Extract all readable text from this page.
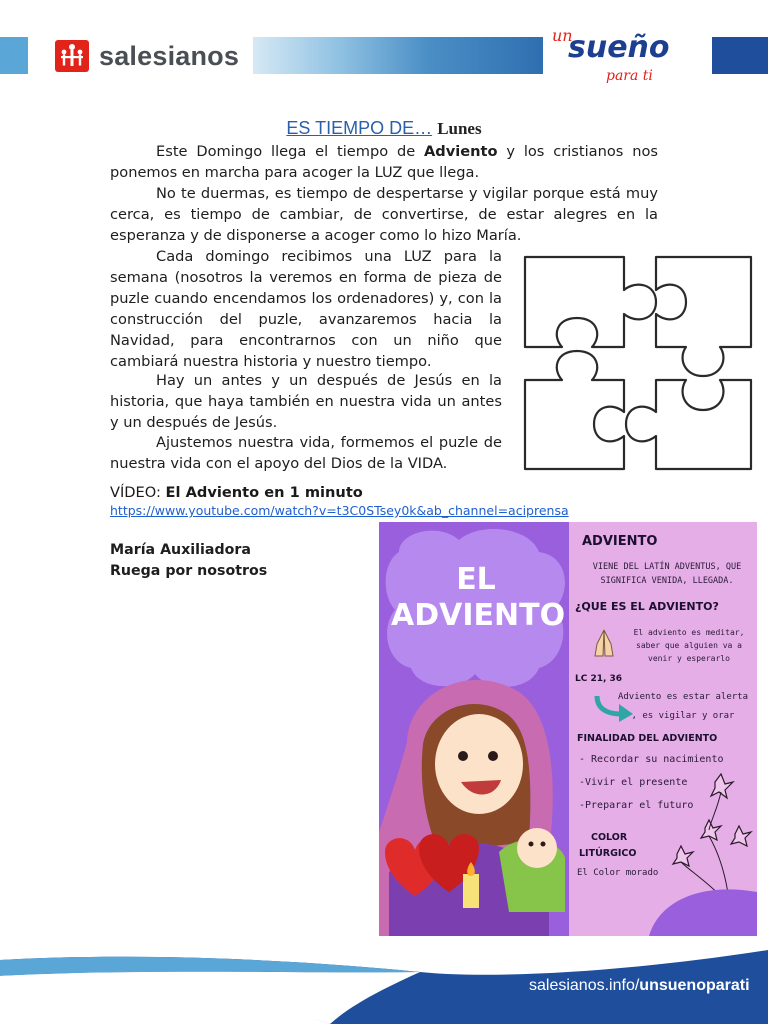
salesianos
un
sueño
para ti
ES TIEMPO DE… Lunes
Este Domingo llega el tiempo de Adviento y los cristianos nos ponemos en marcha para acoger la LUZ que llega.
No te duermas, es tiempo de despertarse y vigilar porque está muy cerca, es tiempo de cambiar, de convertirse, de estar alegres en la esperanza y de disponerse a acoger como lo hizo María.
Cada domingo recibimos una LUZ para la semana (nosotros la veremos en forma de pieza de puzle cuando encendamos los ordenadores) y, con la construcción del puzle, avanzaremos hacia la Navidad, para encontrarnos con un niño que cambiará nuestra historia y nuestro tiempo.
Hay un antes y un después de Jesús en la historia, que haya también en nuestra vida un antes y un después de Jesús.
Ajustemos nuestra vida, formemos el puzle de nuestra vida con el apoyo del Dios de la VIDA.
VÍDEO: El Adviento en 1 minuto
https://www.youtube.com/watch?v=t3C0STsey0k&ab_channel=aciprensa
María Auxiliadora
Ruega por nosotros	EL
ADVIENTO
ADVIENTO
VIENE DEL LATÍN ADVENTUS, QUE SIGNIFICA VENIDA, LLEGADA.
¿QUE ES EL ADVIENTO?
El adviento es meditar, saber que alguien va a venir y esperarlo
LC 21, 36
Adviento es estar alerta , es vigilar y orar
FINALIDAD DEL ADVIENTO
- Recordar su nacimiento
-Vivir el presente
-Preparar el futuro
COLOR
LITÚRGICO
El Color morado
salesianos.info/unsuenoparati
